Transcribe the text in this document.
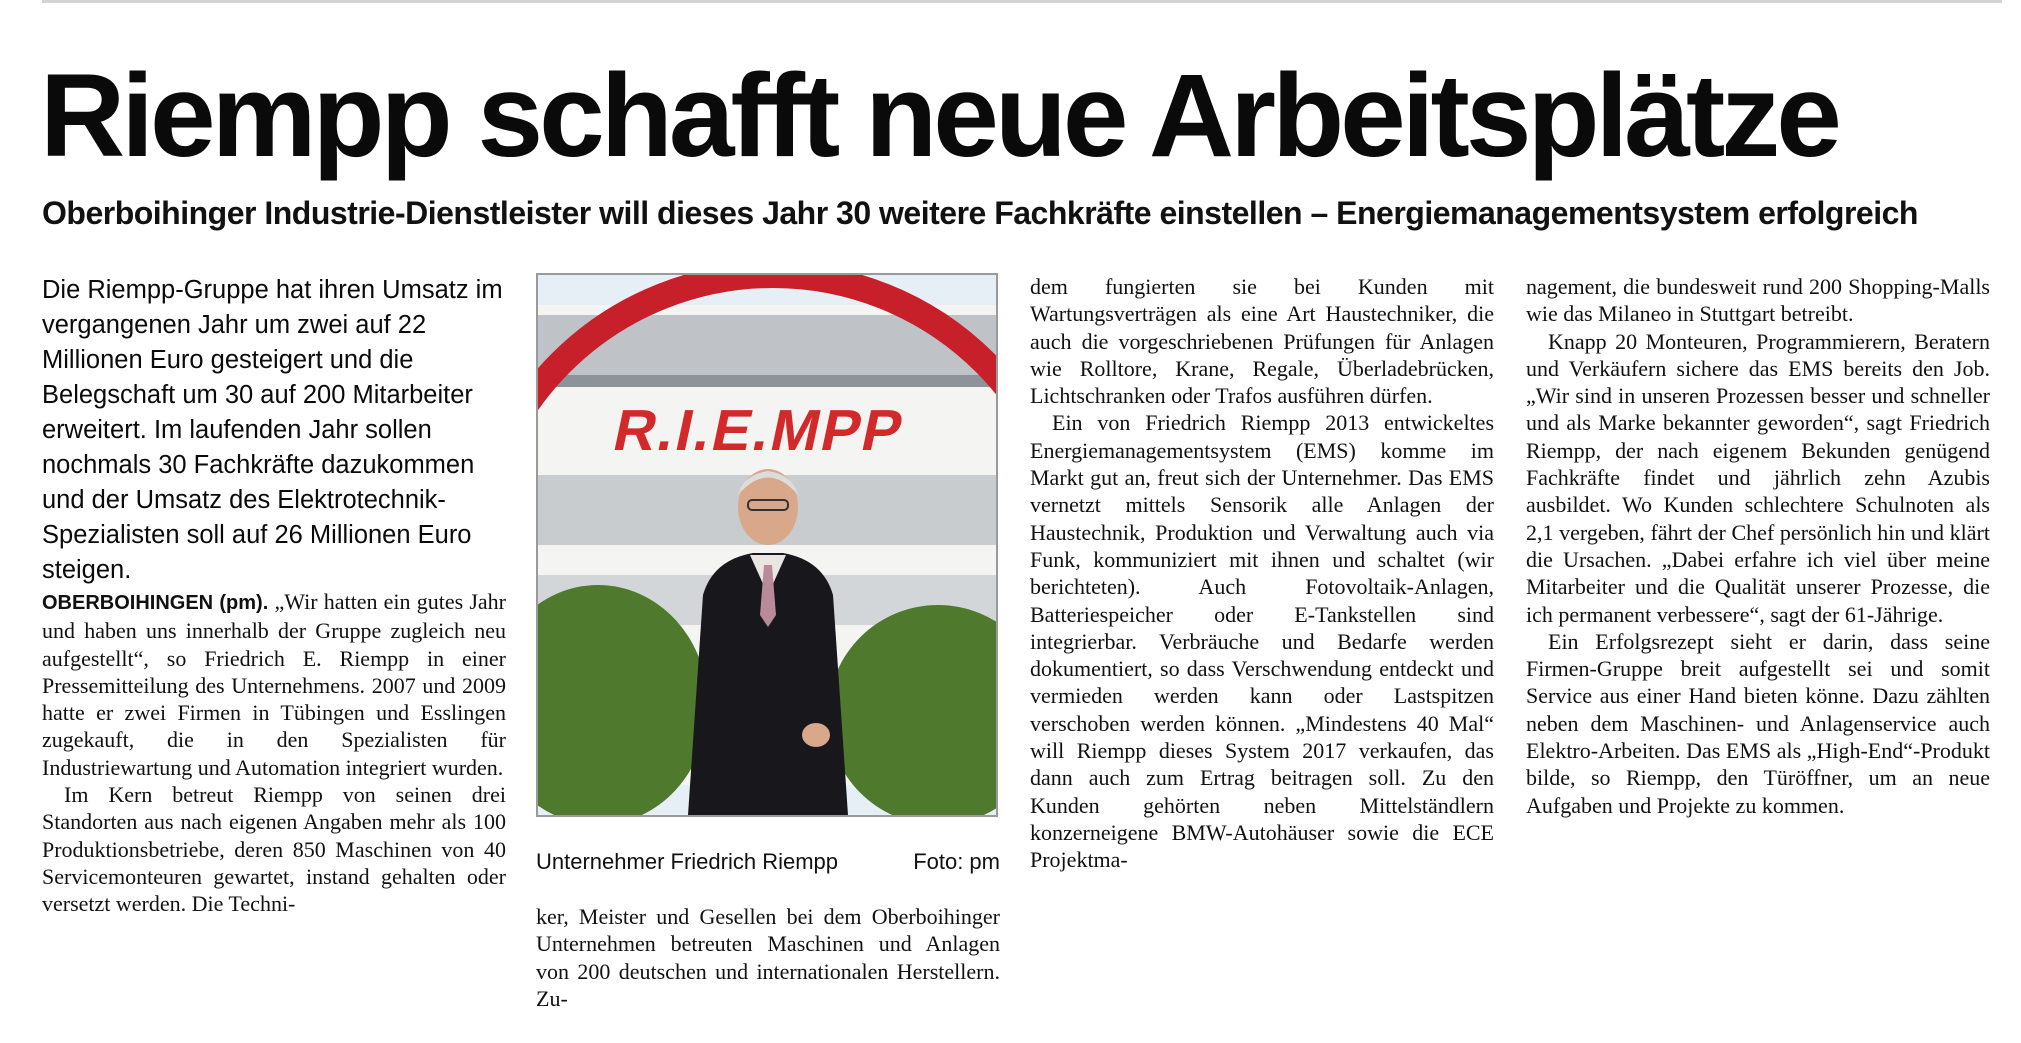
Riempp schafft neue Arbeitsplätze
Oberboihinger Industrie-Dienstleister will dieses Jahr 30 weitere Fachkräfte einstellen – Energiemanagementsystem erfolgreich

Die Riempp-Gruppe hat ihren Umsatz im vergangenen Jahr um zwei auf 22 Millionen Euro gesteigert und die Belegschaft um 30 auf 200 Mitarbeiter erweitert. Im laufenden Jahr sollen nochmals 30 Fachkräfte dazukommen und der Umsatz des Elektrotechnik-Spezialisten soll auf 26 Millionen Euro steigen.

OBERBOIHINGEN (pm). „Wir hatten ein gutes Jahr und haben uns innerhalb der Gruppe zugleich neu aufgestellt“, so Friedrich E. Riempp in einer Pressemitteilung des Unternehmens. 2007 und 2009 hatte er zwei Firmen in Tübingen und Esslingen zugekauft, die in den Spezialisten für Industriewartung und Automation integriert wurden.

Im Kern betreut Riempp von seinen drei Standorten aus nach eigenen Angaben mehr als 100 Produktionsbetriebe, deren 850 Maschinen von 40 Servicemonteuren gewartet, instand gehalten oder versetzt werden. Die Techni-

R.I.E.MPP
Unternehmer Friedrich Riempp	Foto: pm

ker, Meister und Gesellen bei dem Oberboihinger Unternehmen betreuten Maschinen und Anlagen von 200 deutschen und internationalen Herstellern. Zu-

dem fungierten sie bei Kunden mit Wartungsverträgen als eine Art Haustechniker, die auch die vorgeschriebenen Prüfungen für Anlagen wie Rolltore, Krane, Regale, Überladebrücken, Lichtschranken oder Trafos ausführen dürfen.

Ein von Friedrich Riempp 2013 entwickeltes Energiemanagementsystem (EMS) komme im Markt gut an, freut sich der Unternehmer. Das EMS vernetzt mittels Sensorik alle Anlagen der Haustechnik, Produktion und Verwaltung auch via Funk, kommuniziert mit ihnen und schaltet (wir berichteten). Auch Fotovoltaik-Anlagen, Batteriespeicher oder E-Tankstellen sind integrierbar. Verbräuche und Bedarfe werden dokumentiert, so dass Verschwendung entdeckt und vermieden werden kann oder Lastspitzen verschoben werden können. „Mindestens 40 Mal“ will Riempp dieses System 2017 verkaufen, das dann auch zum Ertrag beitragen soll. Zu den Kunden gehörten neben Mittelständlern konzerneigene BMW-Autohäuser sowie die ECE Projektma-

nagement, die bundesweit rund 200 Shopping-Malls wie das Milaneo in Stuttgart betreibt.

Knapp 20 Monteuren, Programmierern, Beratern und Verkäufern sichere das EMS bereits den Job. „Wir sind in unseren Prozessen besser und schneller und als Marke bekannter geworden“, sagt Friedrich Riempp, der nach eigenem Bekunden genügend Fachkräfte findet und jährlich zehn Azubis ausbildet. Wo Kunden schlechtere Schulnoten als 2,1 vergeben, fährt der Chef persönlich hin und klärt die Ursachen. „Dabei erfahre ich viel über meine Mitarbeiter und die Qualität unserer Prozesse, die ich permanent verbessere“, sagt der 61-Jährige.

Ein Erfolgsrezept sieht er darin, dass seine Firmen-Gruppe breit aufgestellt sei und somit Service aus einer Hand bieten könne. Dazu zählten neben dem Maschinen- und Anlagenservice auch Elektro-Arbeiten. Das EMS als „High-End“-Produkt bilde, so Riempp, den Türöffner, um an neue Aufgaben und Projekte zu kommen.
